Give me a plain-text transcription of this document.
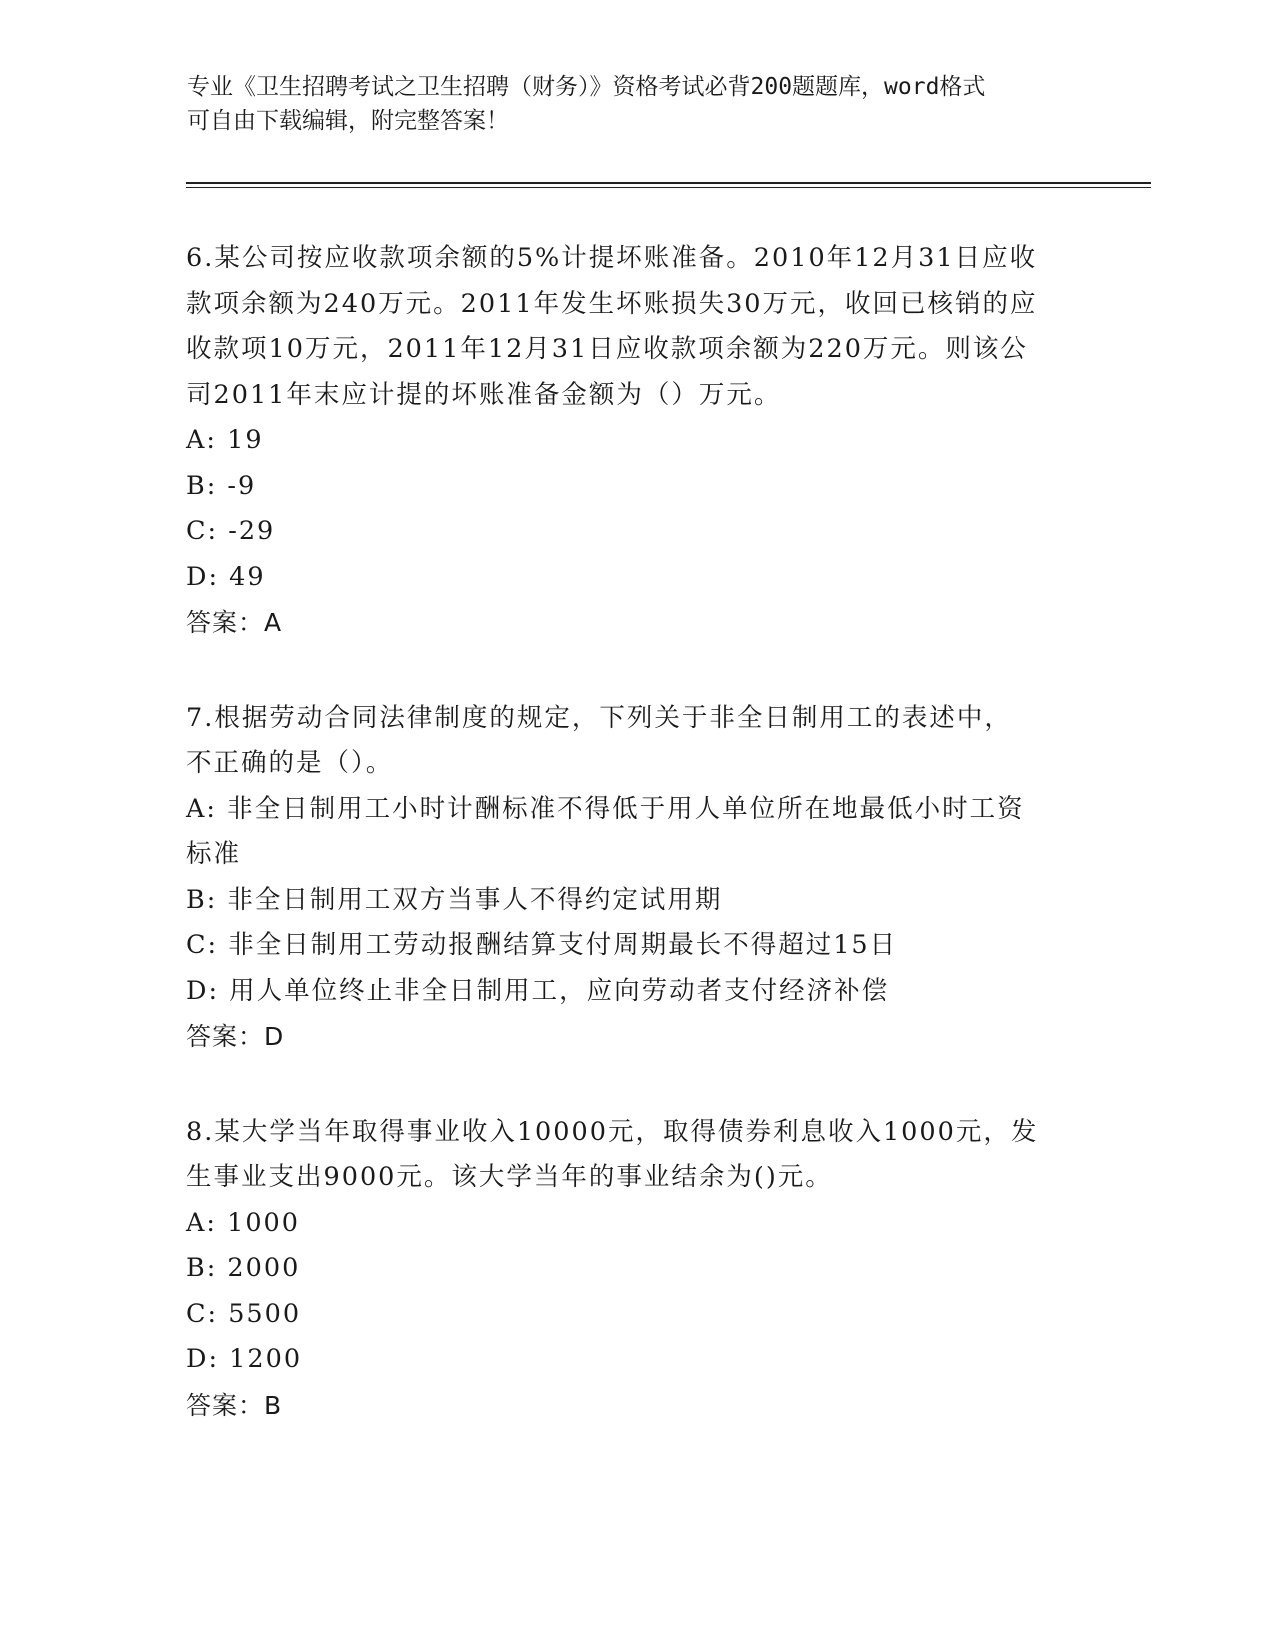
专业《卫生招聘考试之卫生招聘（财务）》资格考试必背200题题库，word格式
可自由下载编辑，附完整答案！
6.某公司按应收款项余额的5%计提坏账准备。2010年12月31日应收
款项余额为240万元。2011年发生坏账损失30万元，收回已核销的应
收款项10万元，2011年12月31日应收款项余额为220万元。则该公
司2011年末应计提的坏账准备金额为（）万元。
A: 19
B: -9
C: -29
D: 49
答案：A
7.根据劳动合同法律制度的规定，下列关于非全日制用工的表述中，
不正确的是（）。
A: 非全日制用工小时计酬标准不得低于用人单位所在地最低小时工资
标准
B: 非全日制用工双方当事人不得约定试用期
C: 非全日制用工劳动报酬结算支付周期最长不得超过15日
D: 用人单位终止非全日制用工，应向劳动者支付经济补偿
答案：D
8.某大学当年取得事业收入10000元，取得债券利息收入1000元，发
生事业支出9000元。该大学当年的事业结余为()元。
A: 1000
B: 2000
C: 5500
D: 1200
答案：B
